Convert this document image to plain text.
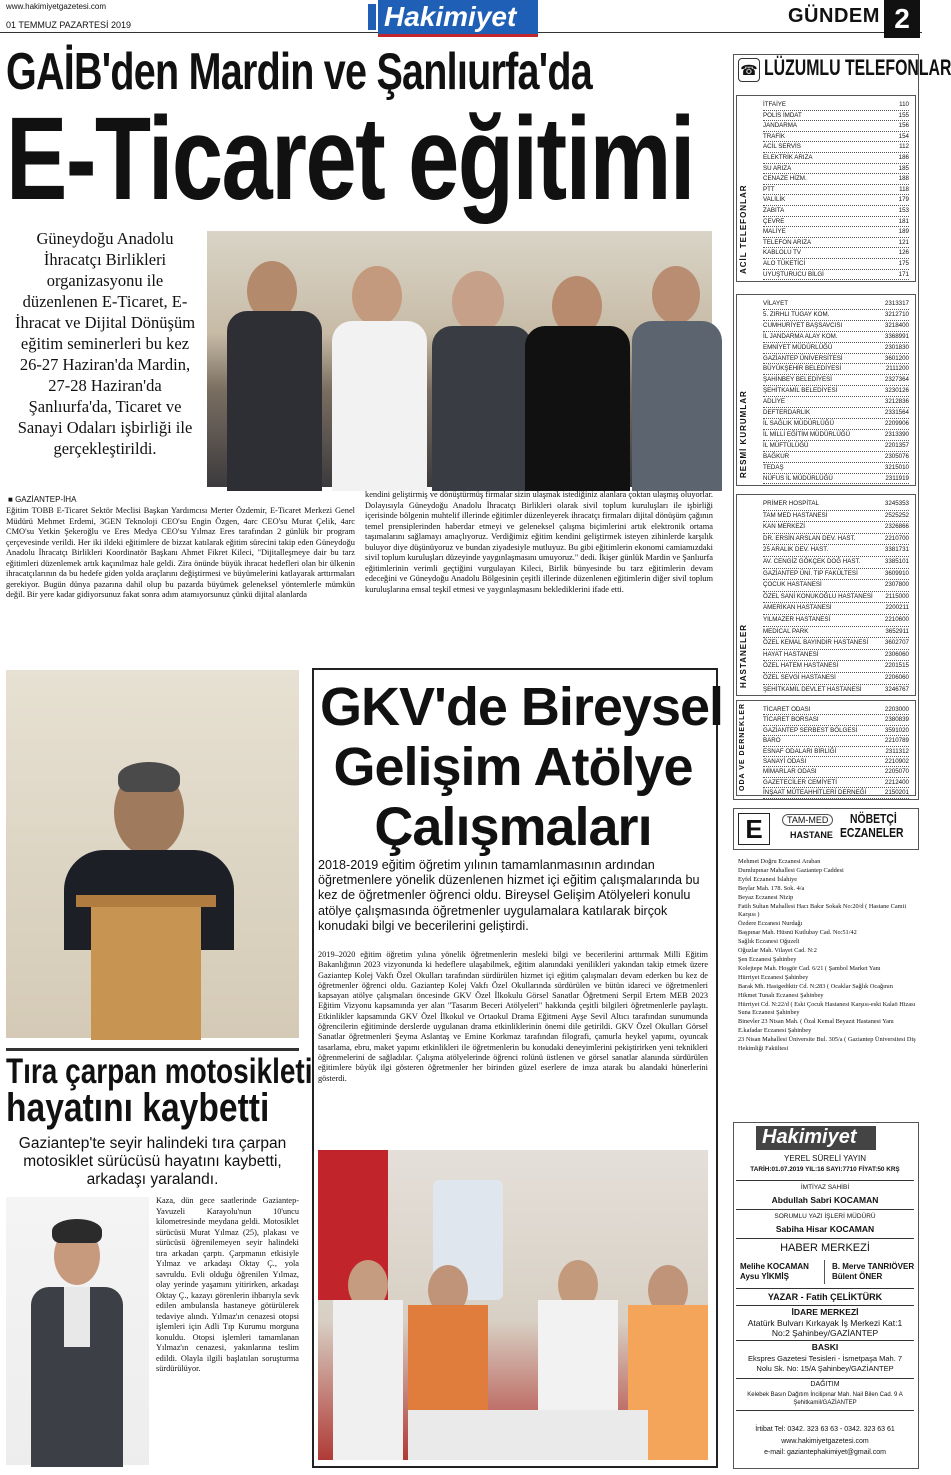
www.hakimiyetgazetesi.com
01 TEMMUZ PAZARTESİ 2019	Hakimiyet	GÜNDEM 2
GAİB'den Mardin ve Şanlıurfa'da
E-Ticaret eğitimi
Güneydoğu Anadolu İhracatçı Birlikleri organizasyonu ile düzenlenen E-Ticaret, E-İhracat ve Dijital Dönüşüm eğitim seminerleri bu kez 26-27 Haziran'da Mardin, 27-28 Haziran'da Şanlıurfa'da, Ticaret ve Sanayi Odaları işbirliği ile gerçekleştirildi.
■ GAZİANTEP-İHA
Eğitim TOBB E-Ticaret Sektör Meclisi Başkan Yardımcısı Merter Özdemir, E-Ticaret Merkezi Genel Müdürü Mehmet Erdemi, 3GEN Teknoloji CEO'su Engin Özgen, 4arc CEO'su Murat Çelik, 4arc CMO'su Yetkin Şekeroğlu ve Eres Medya CEO'su Yılmaz Eres tarafından 2 günlük bir program çerçevesinde verildi. Her iki ildeki eğitimlere de bizzat katılarak eğitim sürecini takip eden Güneydoğu Anadolu İhracatçı Birlikleri Koordinatör Başkanı Ahmet Fikret Kileci, "Dijitalleşmeye dair bu tarz eğitimleri düzenlemek artık kaçınılmaz hale geldi. Zira önünde büyük ihracat hedefleri olan bir ülkenin ihracatçılarının da bu hedefe giden yolda araçlarını değiştirmesi ve büyümelerini katlayarak arttırmaları gerekiyor. Bugün dünya pazarına dahil olup bu pazarda büyümek geleneksel yöntemlerle mümkün değil. Bir yere kadar gidiyorsunuz fakat sonra adım atamıyorsunuz çünkü dijital alanlarda
kendini geliştirmiş ve dönüştürmüş firmalar sizin ulaşmak istediğiniz alanlara çoktan ulaşmış oluyorlar. Dolayısıyla Güneydoğu Anadolu İhracatçı Birlikleri olarak sivil toplum kuruluşları ile işbirliği içerisinde bölgenin muhtelif illerinde eğitimler düzenleyerek ihracatçı firmaları dijital dönüşüm çağının temel prensiplerinden haberdar etmeyi ve geleneksel çalışma biçimlerini artık elektronik ortama taşımalarını sağlamayı amaçlıyoruz. Verdiğimiz eğitim kendini geliştirmek isteyen zihinlerde karşılık buluyor diye düşünüyoruz ve bundan ziyadesiyle mutluyuz. Bu gibi eğitimlerin ekonomi camiamızdaki sivil toplum kuruluşları düzeyinde yaygınlaşmasını umuyoruz." dedi. İkişer günlük Mardin ve Şanlıurfa eğitimlerinin verimli geçtiğini vurgulayan Kileci, Birlik bünyesinde bu tarz eğitimlerin devam edeceğini ve Güneydoğu Anadolu Bölgesinin çeşitli illerinde düzenlenen eğitimlerin diğer sivil toplum kuruluşlarına emsal teşkil etmesi ve yaygınlaşmasını beklediklerini ifade etti.
Tıra çarpan motosikleti
hayatını kaybetti
Gaziantep'te seyir halindeki tıra çarpan motosiklet sürücüsü hayatını kaybetti, arkadaşı yaralandı.
Kaza, dün gece saatlerinde Gaziantep-Yavuzeli Karayolu'nun 10'uncu kilometresinde meydana geldi. Motosiklet sürücüsü Murat Yılmaz (25), plakası ve sürücüsü öğrenilemeyen seyir halindeki tıra arkadan çarptı. Çarpmanın etkisiyle Yılmaz ve arkadaşı Oktay Ç., yola savruldu. Evli olduğu öğrenilen Yılmaz, olay yerinde yaşamını yitirirken, arkadaşı Oktay Ç., kazayı görenlerin ihbarıyla sevk edilen ambulansla hastaneye götürülerek tedaviye alındı. Yılmaz'ın cenazesi otopsi işlemleri için Adli Tıp Kurumu morguna konuldu. Otopsi işlemleri tamamlanan Yılmaz'ın cenazesi, yakınlarına teslim edildi. Olayla ilgili başlatılan soruşturma sürdürülüyor.
GKV'de Bireysel
Gelişim Atölye
Çalışmaları
2018-2019 eğitim öğretim yılının tamamlanmasının ardından öğretmenlere yönelik düzenlenen hizmet içi eğitim çalışmalarında bu kez de öğretmenler öğrenci oldu. Bireysel Gelişim Atölyeleri konulu atölye çalışmasında öğretmenler uygulamalara katılarak birçok konudaki bilgi ve becerilerini geliştirdi.
2019–2020 eğitim öğretim yılına yönelik öğretmenlerin mesleki bilgi ve becerilerini arttırmak Milli Eğitim Bakanlığının 2023 vizyonunda ki hedeflere ulaşabilmek, eğitim alanındaki yenilikleri yakından takip etmek üzere Gaziantep Kolej Vakfı Özel Okulları tarafından sürdürülen hizmet içi eğitim çalışmaları devam ederken bu kez de öğretmenler öğrenci oldu. Gaziantep Kolej Vakfı Özel Okullarında sürdürülen ve bütün idareci ve öğretmenleri kapsayan atölye çalışmaları öncesinde GKV Özel İlkokulu Görsel Sanatlar Öğretmeni Serpil Ertem MEB 2023 Eğitim Vizyonu kapsamında yer alan "Tasarım Beceri Atölyeleri" hakkında çeşitli bilgileri öğretmenlerle paylaştı. Etkinlikler kapsamında GKV Özel İlkokul ve Ortaokul Drama Eğitmeni Ayşe Sevil Altıcı tarafından sunumunda öğrencilerin eğitiminde derslerde uygulanan drama etkinliklerinin önemi dile getirildi. GKV Özel Okulları Görsel Sanatlar öğretmenleri Şeyma Aslantaş ve Emine Korkmaz tarafından filografi, çamurla heykel yapımı, oyuncak tasarlama, ebru, maket yapımı etkinlikleri ile öğretmenlerin bu konudaki deneyimlerini pekiştirirken yeni teknikleri öğrenmelerini de sağladılar. Çalışma atölyelerinde öğrenci rolünü üstlenen ve görsel sanatlar alanında sürdürülen eğitimlere büyük ilgi gösteren öğretmenler her birinden güzel eserlere de imza atarak bu alandaki hünerlerini gösterdi.
☎ LÜZUMLU TELEFONLAR
ACİL TELEFONLAR
İTFAİYE	110
POLİS İMDAT	155
JANDARMA	156
TRAFİK	154
ACİL SERVİS	112
ELEKTRİK ARIZA	186
SU ARIZA	185
CENAZE HİZM.	188
PTT	118
VALİLİK	179
ZABITA	153
ÇEVRE	181
MALİYE	189
TELEFON ARIZA	121
KABLOLU TV	126
ALO TÜKETİCİ	175
UYUŞTURUCU BİLGİ	171
RESMİ KURUMLAR
VİLAYET	2313317
5. ZIRHLI TUGAY KOM.	3212710
CUMHURİYET BAŞSAVCISI	3218400
İL JANDARMA ALAY KOM.	3368991
EMNİYET MÜDÜRLÜĞÜ	2301830
GAZİANTEP ÜNİVERSİTESİ	3601200
BÜYÜKŞEHİR BELEDİYESİ	2111200
ŞAHİNBEY BELEDİYESİ	2327364
ŞEHİTKAMİL BELEDİYESİ	3230126
ADLİYE	3212836
DEFTERDARLIK	2331564
İL SAĞLIK MÜDÜRLÜĞÜ	2209906
İL MİLLİ EĞİTİM MÜDÜRLÜĞÜ	2313390
İL MÜFTÜLÜĞÜ	2201357
BAĞKUR	2305076
TEDAŞ	3215010
NÜFUS İL MÜDÜRLÜĞÜ	2311919
HASTANELER
PRİMER HOSPİTAL	3245353
TAM MED HASTANESİ	2525252
KAN MERKEZİ	2326866
DR. ERSİN ARSLAN DEV. HAST.	2210700
25 ARALIK DEV. HAST.	3381731
AV. CENGİZ GÖKÇEK DOĞ HAST.	3385101
GAZİANTEP ÜNİ. TIP FAKÜLTESİ	3609910
ÇOCUK HASTANESİ	2307800
ÖZEL SANİ KONUKOĞLU HASTANESİ 2115000
AMERİKAN HASTANESİ	2200211
YILMAZER HASTANESİ	2210600
MEDİCAL PARK	3652911
ÖZEL KEMAL BAYINDIR HASTANESİ	3602707
HAYAT HASTANESİ	2306060
ÖZEL HATEM HASTANESİ	2201515
ÖZEL SEVGİ HASTANESİ	2206060
ŞEHİTKAMİL DEVLET HASTANESİ	3246767
ODA VE DERNEKLER	TİCARET ODASI	2203000
TİCARET BORSASI	2380839
GAZİANTEP SERBEST BÖLGESİ	3591020
BARO	2210789
ESNAF ODALARI BİRLİĞİ	2311312
SANAYİ ODASI	2210902
MİMARLAR ODASI	2205070
GAZETECİLER CEMİYETİ	2212400
İNŞAAT MÜTEAHHİTLERİ DERNEĞİ	2150201
E	TAM-MED
HASTANE
NÖBETÇİ
ECZANELER
Mehmet Doğru Eczanesi Araban
Dumlupınar Mahallesi Gaziantep Caddesi
Eyfel Eczanesi İslahiye
Beylar Mah. 178. Sok. 4/a
Beyaz Eczanesi Nizip
Fatih Sultan Mahallesi Hacı Bakır Sokak No:20/d ( Hastane Camii Karşısı )
Özdere Eczanesi Nurdağı
Başpınar Mah. Hüsnü Kutlubay Cad. No:51/42
Sağlık Eczanesi Oğuzeli
Oğuzlar Mah. Vilayet Cad. N:2
Şen Eczanesi Şahinbey
Kolejtepe Mah. Hoşgör Cad. 6/21 ( Şambol Market Yanı
Hürriyet Eczanesi Şahinbey
Barak Mh. Hasigediktir Cd. N:283 ( Ocaklar Sağlık Ocağının
Hikmet Tunalı Eczanesi Şahinbey
Hürriyet Cd. N:22/d ( Eski Çocuk Hastanesi Karşısı-eski Kalaö Hizası
Suna Eczanesi Şahinbey
Binevler 23 Nisan Mah. ( Özal Kemal Beyazıt Hastanesi Yanı
E.kafadar Eczanesi Şahinbey
23 Nisan Mahallesi Üniversite Bul. 305/a ( Gaziantep Üniversitesi Diş Hekimliği Fakültesi
Hakimiyet
YEREL SÜRELİ YAYIN
TARİH:01.07.2019 YIL:16 SAYI:7710 FİYAT:50 KRŞ
İMTİYAZ SAHİBİ
Abdullah Sabri KOCAMAN
SORUMLU YAZI İŞLERİ MÜDÜRÜ
Sabiha Hisar KOCAMAN
HABER MERKEZİ
Melihe KOCAMAN
Aysu YİKMİŞ
B. Merve TANRIÖVER
Bülent ÖNER
YAZAR - Fatih ÇELİKTÜRK
İDARE MERKEZİ
Atatürk Bulvarı Kırkayak İş Merkezi Kat:1 No:2 Şahinbey/GAZİANTEP
BASKI
Ekspres Gazetesi Tesisleri - İsmetpaşa Mah. 7 Nolu Sk. No: 15/A Şahinbey/GAZİANTEP
DAĞITIM
Kelebek Basın Dağıtım İncilipınar Mah. Nail Bilen Cad. 9 A Şehitkamil/GAZİANTEP
İrtibat Tel: 0342. 323 63 63 - 0342. 323 63 61
www.hakimiyetgazetesi.com
e-mail: gaziantephakimiyet@gmail.com
